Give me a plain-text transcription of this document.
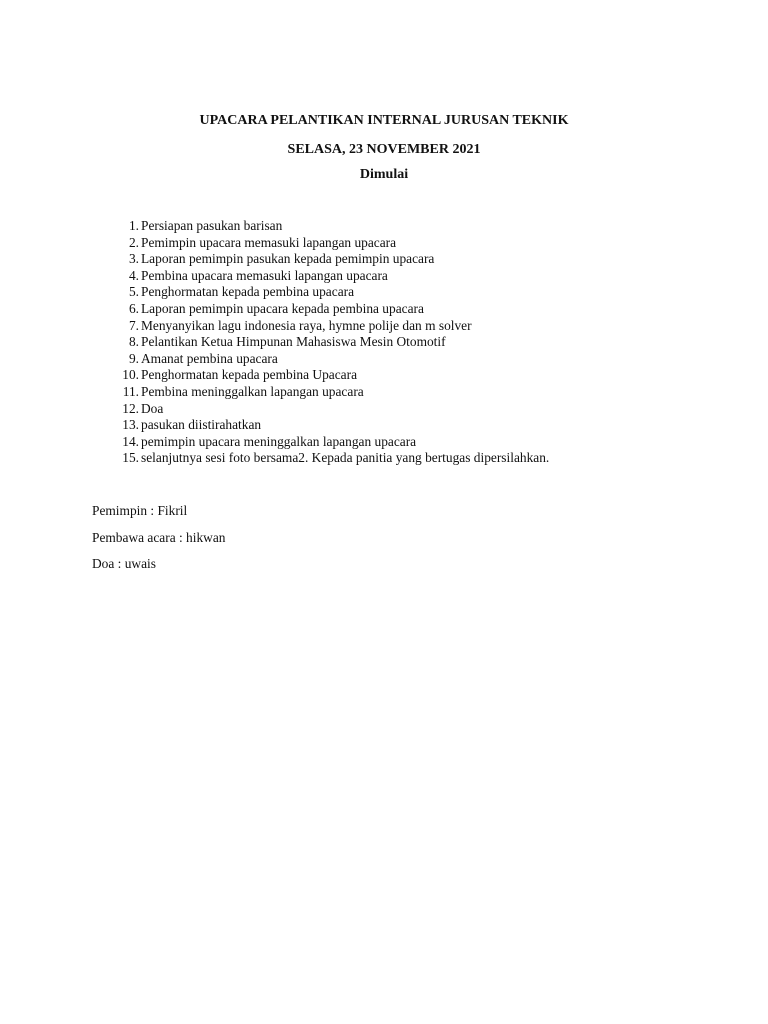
UPACARA PELANTIKAN INTERNAL JURUSAN TEKNIK

SELASA, 23 NOVEMBER 2021

Dimulai

1. Persiapan pasukan barisan
2. Pemimpin upacara memasuki lapangan upacara
3. Laporan pemimpin pasukan kepada pemimpin upacara
4. Pembina upacara memasuki lapangan upacara
5. Penghormatan kepada pembina upacara
6. Laporan pemimpin upacara kepada pembina upacara
7. Menyanyikan lagu indonesia raya, hymne polije dan m solver
8. Pelantikan Ketua Himpunan Mahasiswa Mesin Otomotif
9. Amanat pembina upacara
10. Penghormatan kepada pembina Upacara
11. Pembina meninggalkan lapangan upacara
12. Doa
13. pasukan diistirahatkan
14. pemimpin upacara meninggalkan lapangan upacara
15. selanjutnya sesi foto bersama2. Kepada panitia yang bertugas dipersilahkan.

Pemimpin : Fikril

Pembawa acara : hikwan

Doa : uwais
